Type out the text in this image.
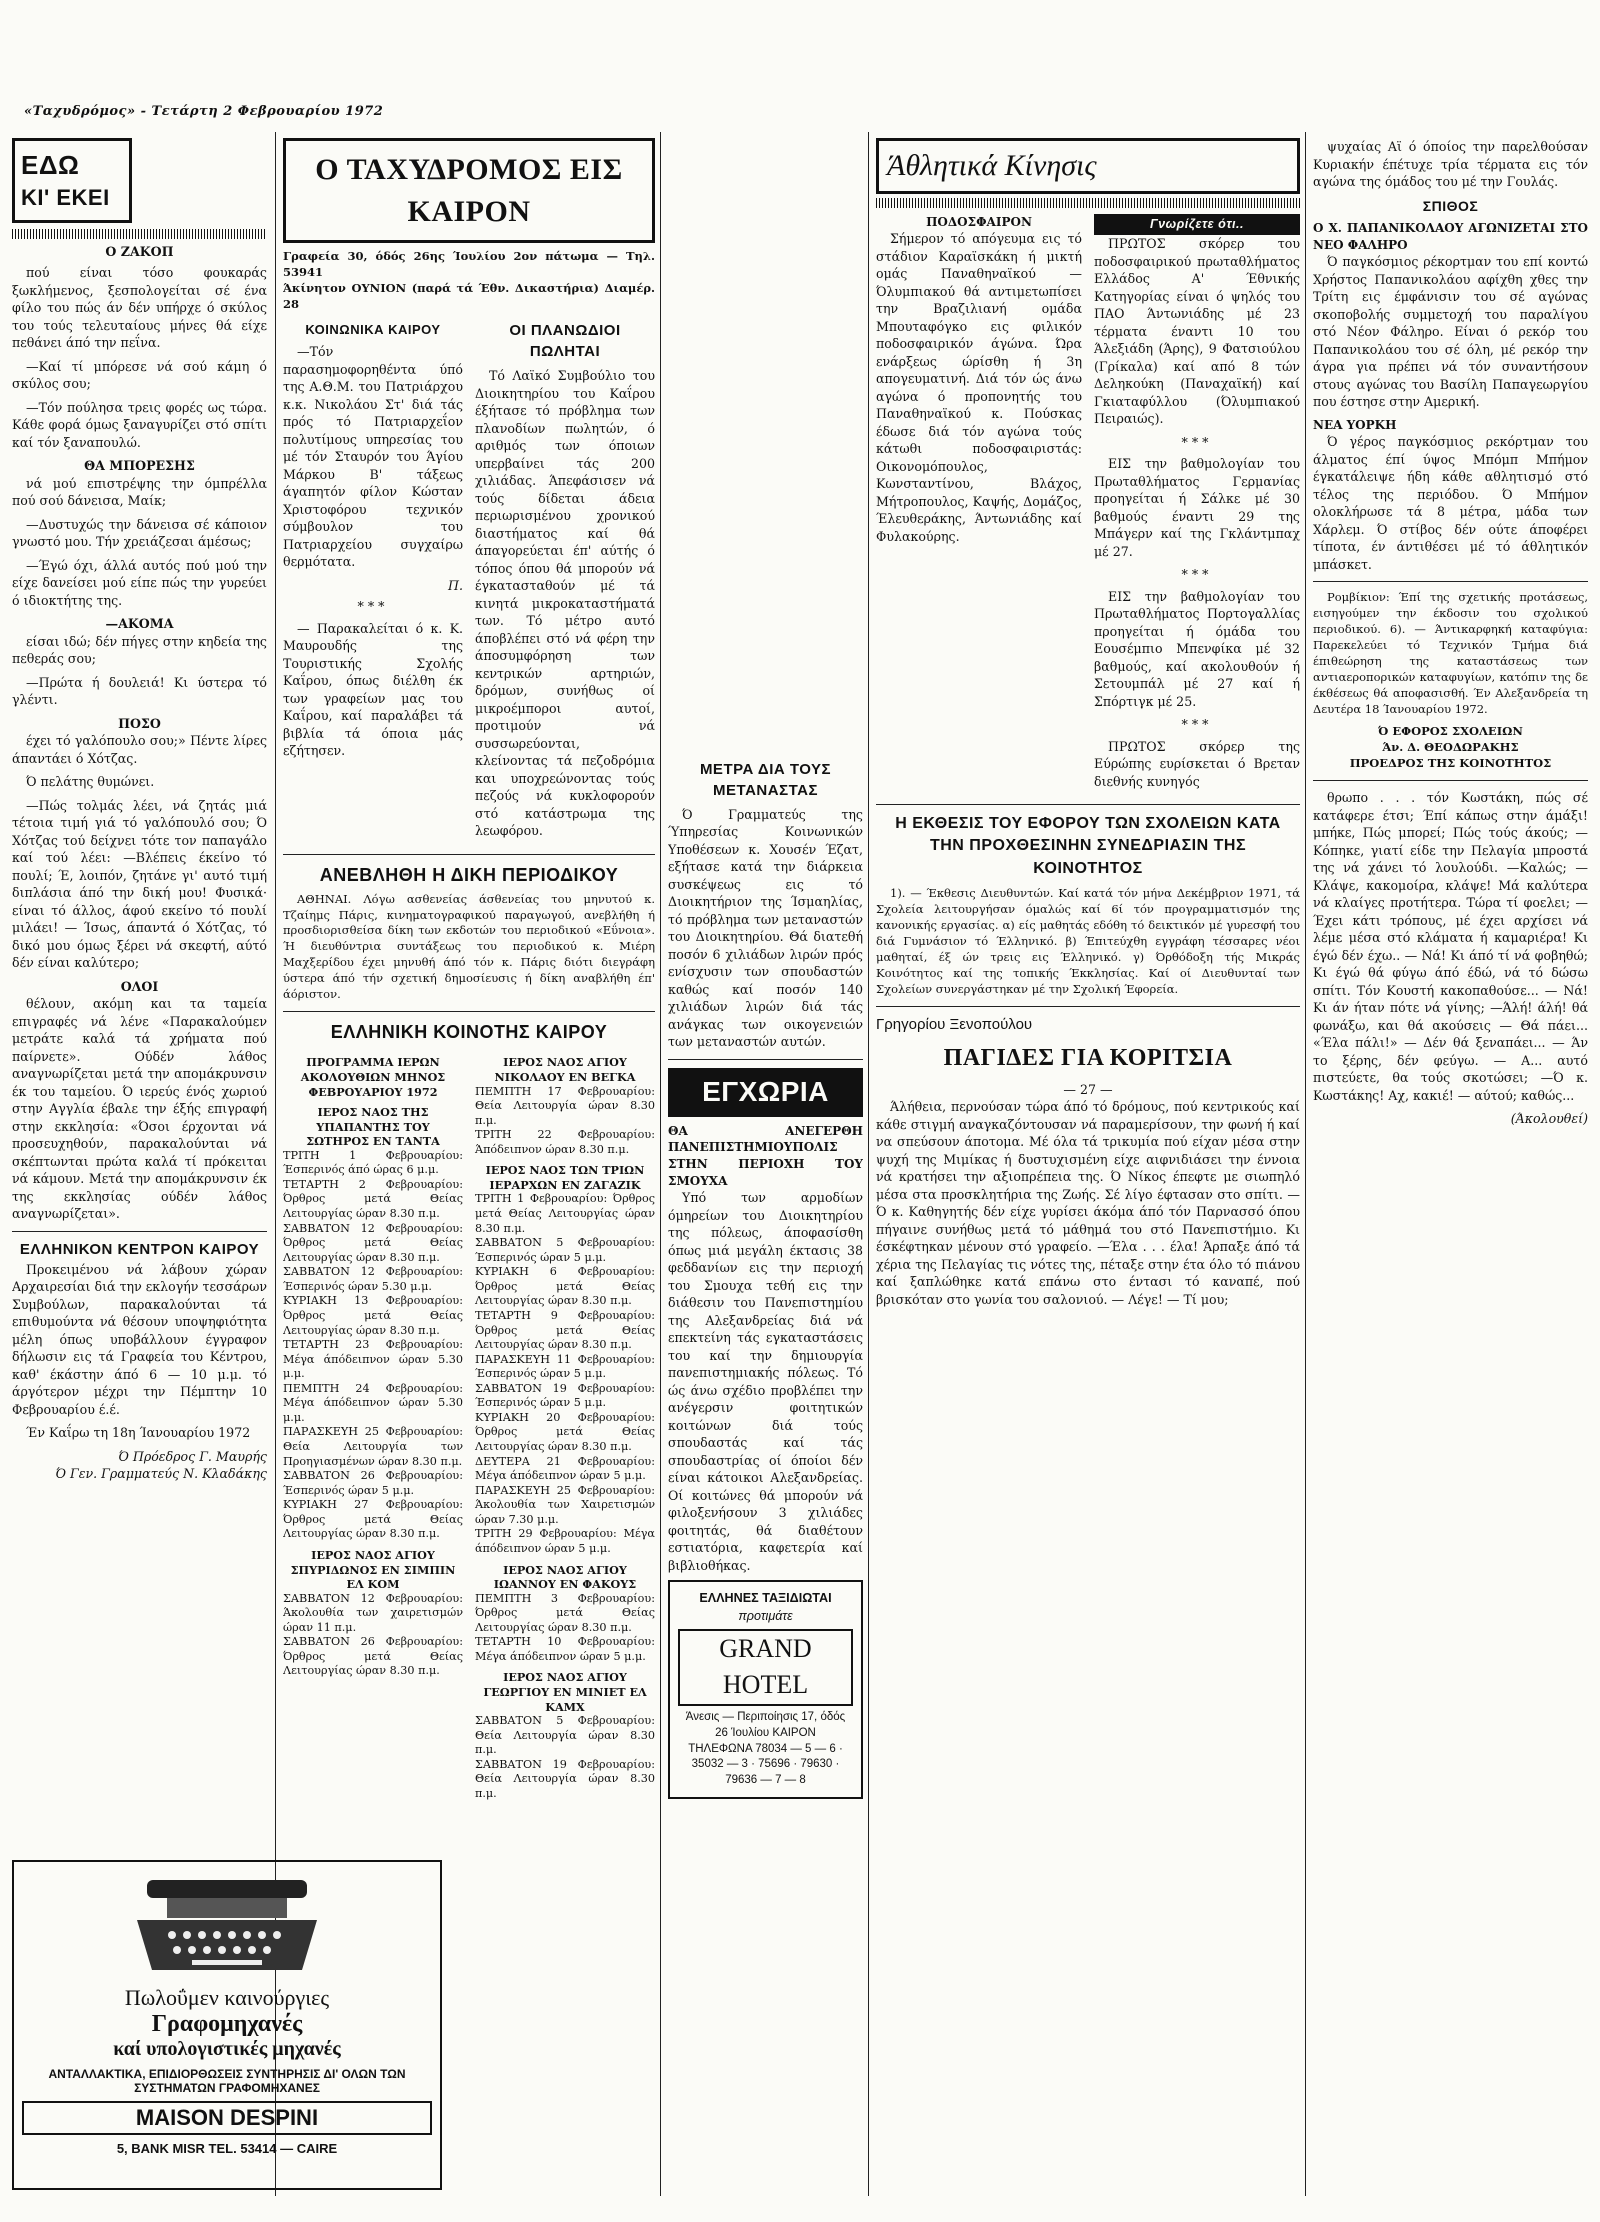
«Ταχυδρόμος» - Τετάρτη 2 Φεβρουαρίου 1972
ΕΔΩ
ΚΙ' ΕΚΕΙ
Ο ΖΑΚΟΠ

πού είναι τόσο φουκαράς ξωκλήμενος, ξεσπολογείται σέ ένα φίλο του πώς άν δέν υπήρχε ό σκύλος του τούς τελευταίους μήνες θά είχε πεθάνει άπό την πεΐνα.

—Καί τί μπόρεσε νά σού κάμη ό σκύλος σου;

—Τόν πούλησα τρεις φορές ως τώρα. Κάθε φορά όμως ξαναγυρίζει στό σπίτι καί τόν ξαναπουλώ.

ΘΑ ΜΠΟΡΕΣΗΣ

νά μού επιστρέψης την όμπρέλλα πού σού δάνεισα, Μαίκ;

—Δυστυχώς την δάνεισα σέ κάποιον γνωστό μου. Τήν χρειάζεσαι άμέσως;

—Έγώ όχι, άλλά αυτός πού μού την είχε δανείσει μού είπε πώς την γυρεύει ό ιδιοκτήτης της.

—ΑΚΟΜΑ

είσαι ιδώ; δέν πήγες στην κηδεία της πεθεράς σου;

—Πρώτα ή δουλειά! Κι ύστερα τό γλέντι.

ΠΟΣΟ

έχει τό γαλόπουλο σου;» Πέντε λίρες άπαντάει ό Χότζας.

Ό πελάτης θυμώνει.

—Πώς τολμάς λέει, νά ζητάς μιά τέτοια τιμή γιά τό γαλόπουλό σου; Ό Χότζας τού δείχνει τότε τον παπαγάλο καί τού λέει: —Βλέπεις έκείνο τό πουλί; Έ, λοιπόν, ζητάνε γι' αυτό τιμή διπλάσια άπό την δική μου! Φυσικά· είναι τό άλλος, άφού εκείνο τό πουλί μιλάει! — Ίσως, άπαντά ό Χότζας, τό δικό μου όμως ξέρει νά σκεφτή, αύτό δέν είναι καλύτερο;

ΟΛΟΙ

θέλουν, ακόμη και τα ταμεία επιγραφές νά λένε «Παρακαλούμεν μετράτε καλά τά χρήματα πού παίρνετε». Ούδέν λάθος αναγνωρίζεται μετά την απομάκρυνσιν έκ του ταμείου. Ό ιερεύς ένός χωριού στην Αγγλία έβαλε την έξής επιγραφή στην εκκλησία: «Όσοι έρχονται νά προσευχηθούν, παρακαλούνται νά σκέπτωνται πρώτα καλά τί πρόκειται νά κάμουν. Μετά την απομάκρυνσιν έκ της εκκλησίας ούδέν λάθος αναγνωρίζεται».

ΕΛΛΗΝΙΚΟΝ ΚΕΝΤΡΟΝ ΚΑΙΡΟΥ

Προκειμένου νά λάβουν χώραν Αρχαιρεσίαι διά την εκλογήν τεσσάρων Συμβούλων, παρακαλούνται τά επιθυμούντα νά θέσουν υποψηφιότητα μέλη όπως υποβάλλουν έγγραφον δήλωσιν εις τά Γραφεία του Κέντρου, καθ' έκάστην άπό 6 — 10 μ.μ. τό άργότερον μέχρι την Πέμπτην 10 Φεβρουαρίου έ.έ.

Έν Καΐρω τη 18η Ίανουαρίου 1972

Ό Πρόεδρος Γ. Μαυρής
Ό Γεν. Γραμματεύς Ν. Κλαδάκης
Ο ΤΑΧΥΔΡΟΜΟΣ ΕΙΣ ΚΑΙΡΟΝ
Γραφεία 30, όδός 26ης Ίουλίου 2ον πάτωμα — Τηλ. 53941
Άκίνητον ΟΥΝΙΟΝ (παρά τά Έθν. Δικαστήρια) Διαμέρ. 28
ΚΟΙΝΩΝΙΚΑ ΚΑΙΡΟΥ

—Τόν παρασημοφορηθέντα ύπό της Α.Θ.Μ. του Πατριάρχου κ.κ. Νικολάου Στ' διά τάς πρός τό Πατριαρχεΐον πολυτίμους υπηρεσίας του μέ τόν Σταυρόν του Άγίου Μάρκου Β' τάξεως άγαπητόν φίλον Κώσταν Χριστοφόρου τεχνικόν σύμβουλον του Πατριαρχείου συγχαίρω θερμότατα.

Π.
***

— Παρακαλείται ό κ. Κ. Μαυρουδής της Τουριστικής Σχολής Καΐρου, όπως διέλθη έκ των γραφείων μας του Καΐρου, καί παραλάβει τά βιβλία τά όποια μάς εζήτησεν.

ΟΙ ΠΛΑΝΩΔΙΟΙ ΠΩΛΗΤΑΙ

Τό Λαϊκό Συμβούλιο του Διοικητηρίου του Καΐρου έξήτασε τό πρόβλημα των πλανοδίων πωλητών, ό αριθμός των όποιων υπερβαίνει τάς 200 χιλιάδας. Άπεφάσισεν νά τούς δίδεται άδεια περιωρισμένου χρονικού διαστήματος καί θά άπαγορεύεται έπ' αύτής ό τόπος όπου θά μπορούν νά έγκατασταθούν μέ τά κινητά μικροκαταστήματά των. Τό μέτρο αυτό άποβλέπει στό νά φέρη την άποσυμφόρηση των κεντρικών αρτηριών, δρόμων, συνήθως οί μικροέμποροι αυτοί, προτιμούν νά συσσωρεύονται, κλείνοντας τά πεζοδρόμια και υποχρεώνοντας τούς πεζούς νά κυκλοφορούν στό κατάστρωμα της λεωφόρου.

ΑΝΕΒΛΗΘΗ Η ΔΙΚΗ ΠΕΡΙΟΔΙΚΟΥ

ΑΘΗΝΑΙ. Λόγω ασθενείας άσθενείας του μηνυτού κ. Τζαίημς Πάρις, κινηματογραφικού παραγωγού, ανεβλήθη ή προσδιορισθείσα δίκη των εκδοτών του περιοδικού «Εΰνοια». Ή διευθύντρια συντάξεως του περιοδικού κ. Μιέρη Μαχξερίδου έχει μηνυθή άπό τόν κ. Πάρις διότι διεγράφη ύστερα άπό τήν σχετική δημοσίευσις ή δίκη αναβλήθη έπ' άόριστον.

ΕΛΛΗΝΙΚΗ ΚΟΙΝΟΤΗΣ ΚΑΙΡΟΥ
ΠΡΟΓΡΑΜΜΑ ΙΕΡΩΝ ΑΚΟΛΟΥΘΙΩΝ ΜΗΝΟΣ ΦΕΒΡΟΥΑΡΙΟΥ 1972
ΙΕΡΟΣ ΝΑΟΣ ΤΗΣ ΥΠΑΠΑΝΤΗΣ ΤΟΥ ΣΩΤΗΡΟΣ ΕΝ ΤΑΝΤΑ
ΤΡΙΤΗ 1 Φεβρουαρίου: Έσπερινός άπό ώρας 6 μ.μ.
ΤΕΤΑΡΤΗ 2 Φεβρουαρίου: Όρθρος μετά Θείας Λειτουργίας ώραν 8.30 π.μ.
ΣΑΒΒΑΤΟΝ 12 Φεβρουαρίου: Όρθρος μετά Θείας Λειτουργίας ώραν 8.30 π.μ.
ΣΑΒΒΑΤΟΝ 12 Φεβρουαρίου: Έσπερινός ώραν 5.30 μ.μ.
ΚΥΡΙΑΚΗ 13 Φεβρουαρίου: Όρθρος μετά Θείας Λειτουργίας ώραν 8.30 π.μ.
ΤΕΤΑΡΤΗ 23 Φεβρουαρίου: Μέγα άπόδειπνον ώραν 5.30 μ.μ.
ΠΕΜΠΤΗ 24 Φεβρουαρίου: Μέγα άπόδειπνον ώραν 5.30 μ.μ.
ΠΑΡΑΣΚΕΥΗ 25 Φεβρουαρίου: Θεία Λειτουργία των Προηγιασμένων ώραν 8.30 π.μ.
ΣΑΒΒΑΤΟΝ 26 Φεβρουαρίου: Έσπερινός ώραν 5 μ.μ.
ΚΥΡΙΑΚΗ 27 Φεβρουαρίου: Όρθρος μετά Θείας Λειτουργίας ώραν 8.30 π.μ.
ΙΕΡΟΣ ΝΑΟΣ ΑΓΙΟΥ ΣΠΥΡΙΔΩΝΟΣ ΕΝ ΣΙΜΠΙΝ ΕΛ ΚΟΜ
ΣΑΒΒΑΤΟΝ 12 Φεβρουαρίου: Άκολουθία των χαιρετισμών ώραν 11 π.μ.
ΣΑΒΒΑΤΟΝ 26 Φεβρουαρίου: Όρθρος μετά Θείας Λειτουργίας ώραν 8.30 π.μ.
ΙΕΡΟΣ ΝΑΟΣ ΑΓΙΟΥ ΝΙΚΟΛΑΟΥ ΕΝ ΒΕΓΚΑ
ΠΕΜΠΤΗ 17 Φεβρουαρίου: Θεία Λειτουργία ώραν 8.30 π.μ.
ΤΡΙΤΗ 22 Φεβρουαρίου: Άπόδειπνον ώραν 8.30 π.μ.
ΙΕΡΟΣ ΝΑΟΣ ΤΩΝ ΤΡΙΩΝ ΙΕΡΑΡΧΩΝ ΕΝ ΖΑΓΑΖΙΚ
ΤΡΙΤΗ 1 Φεβρουαρίου: Όρθρος μετά Θείας Λειτουργίας ώραν 8.30 π.μ.
ΣΑΒΒΑΤΟΝ 5 Φεβρουαρίου: Έσπερινός ώραν 5 μ.μ.
ΚΥΡΙΑΚΗ 6 Φεβρουαρίου: Όρθρος μετά Θείας Λειτουργίας ώραν 8.30 π.μ.
ΤΕΤΑΡΤΗ 9 Φεβρουαρίου: Όρθρος μετά Θείας Λειτουργίας ώραν 8.30 π.μ.
ΠΑΡΑΣΚΕΥΗ 11 Φεβρουαρίου: Έσπερινός ώραν 5 μ.μ.
ΣΑΒΒΑΤΟΝ 19 Φεβρουαρίου: Έσπερινός ώραν 5 μ.μ.
ΚΥΡΙΑΚΗ 20 Φεβρουαρίου: Όρθρος μετά Θείας Λειτουργίας ώραν 8.30 π.μ.
ΔΕΥΤΕΡΑ 21 Φεβρουαρίου: Μέγα άπόδειπνον ώραν 5 μ.μ.
ΠΑΡΑΣΚΕΥΗ 25 Φεβρουαρίου: Άκολουθία των Χαιρετισμών ώραν 7.30 μ.μ.
ΤΡΙΤΗ 29 Φεβρουαρίου: Μέγα άπόδειπνον ώραν 5 μ.μ.
ΙΕΡΟΣ ΝΑΟΣ ΑΓΙΟΥ ΙΩΑΝΝΟΥ ΕΝ ΦΑΚΟΥΣ
ΠΕΜΠΤΗ 3 Φεβρουαρίου: Όρθρος μετά Θείας Λειτουργίας ώραν 8.30 π.μ.
ΤΕΤΑΡΤΗ 10 Φεβρουαρίου: Μέγα άπόδειπνον ώραν 5 μ.μ.
ΙΕΡΟΣ ΝΑΟΣ ΑΓΙΟΥ ΓΕΩΡΓΙΟΥ ΕΝ ΜΙΝΙΕΤ ΕΛ ΚΑΜΧ
ΣΑΒΒΑΤΟΝ 5 Φεβρουαρίου: Θεία Λειτουργία ώραν 8.30 π.μ.
ΣΑΒΒΑΤΟΝ 19 Φεβρουαρίου: Θεία Λειτουργία ώραν 8.30 π.μ.
Πωλοΰμεν καινούργιες
Γραφομηχανές
καί υπολογιστικές μηχανές
ΑΝΤΑΛΛΑΚΤΙΚΑ, ΕΠΙΔΙΟΡΘΩΣΕΙΣ ΣΥΝΤΗΡΗΣΙΣ ΔΙ' ΟΛΩΝ ΤΩΝ ΣΥΣΤΗΜΑΤΩΝ ΓΡΑΦΟΜΗΧΑΝΕΣ
MAISON DESPINI
5, BANK MISR TEL. 53414 — CAIRE
ΜΕΤΡΑ ΔΙΑ ΤΟΥΣ ΜΕΤΑΝΑΣΤΑΣ

Ό Γραμματεύς της Ύπηρεσίας Κοινωνικών Υποθέσεων κ. Χουσέν Έζατ, εξήτασε κατά την διάρκεια συσκέψεως εις τό Διοικητήριον της Ίσμαηλίας, τό πρόβλημα των μεταναστών του Διοικητηρίου. Θά διατεθή ποσόν 6 χιλιάδων λιρών πρός ενίσχυσιν των σπουδαστών καθώς καί ποσόν 140 χιλιάδων λιρών διά τάς ανάγκας των οικογενειών των μεταναστών αυτών.

ΕΓΧΩΡΙΑ
ΘΑ ΑΝΕΓΕΡΘΗ ΠΑΝΕΠΙΣΤΗΜΙΟΥΠΟΛΙΣ ΣΤΗΝ ΠΕΡΙΟΧΗ ΤΟΥ ΣΜΟΥΧΑ

Υπό των αρμοδίων όμηρείων του Διοικητηρίου της πόλεως, άποφασίσθη όπως μιά μεγάλη έκτασις 38 φεδδανίων εις την περιοχή του Σμουχα τεθή εις την διάθεσιν του Πανεπιστημίου της Αλεξανδρείας διά νά επεκτείνη τάς εγκαταστάσεις του καί την δημιουργία πανεπιστημιακής πόλεως. Τό ώς άνω σχέδιο προβλέπει την ανέγερσιν φοιτητικών κοιτώνων διά τούς σπουδαστάς καί τάς σπουδαστρίας οί όποίοι δέν είναι κάτοικοι Αλεξανδρείας. Οί κοιτώνες θά μπορούν νά φιλοξενήσουν 3 χιλιάδες φοιτητάς, θά διαθέτουν εστιατόρια, καφετερία καί βιβλιοθήκας.

ΕΛΛΗΝΕΣ ΤΑΞΙΔΙΩΤΑΙ
προτιμάτε
GRAND HOTEL
Άνεσις — Περιποίησις 17, όδός 26 Ίουλίου ΚΑΙΡΟΝ
ΤΗΛΕΦΩΝΑ 78034 — 5 — 6 · 35032 — 3 · 75696 · 79630 · 79636 — 7 — 8
Άθλητικά Κίνησις
ΠΟΔΟΣΦΑΙΡΟΝ

Σήμερον τό απόγευμα εις τό στάδιον Καραϊσκάκη ή μικτή ομάς Παναθηναϊκού — Όλυμπιακού θά αντιμετωπίσει την Βραζιλιανή ομάδα Μπουταφόγκο εις φιλικόν ποδοσφαιρικόν άγώνα. Ώρα ενάρξεως ώρίσθη ή 3η απογευματινή. Διά τόν ώς άνω αγώνα ό προπονητής του Παναθηναϊκού κ. Πούσκας έδωσε διά τόν αγώνα τούς κάτωθι ποδοσφαιριστάς: Οικονομόπουλος, Κωνσταντίνου, Βλάχος, Μήτροπουλος, Καψής, Δομάζος, Έλευθεράκης, Άντωνιάδης καί Φυλακούρης.

Γνωρίζετε ότι..

ΠΡΩΤΟΣ σκόρερ του ποδοσφαιρικού πρωταθλήματος Ελλάδος Α' Έθνικής Κατηγορίας είναι ό ψηλός του ΠΑΟ Άντωνιάδης μέ 23 τέρματα έναντι 10 του Άλεξιάδη (Άρης), 9 Φατσιούλου (Γρίκαλα) καί από 8 τών Δεληκούκη (Παναχαϊκή) καί Γκιαταφύλλου (Όλυμπιακού Πειραιώς).

***

ΕΙΣ την βαθμολογίαν του Πρωταθλήματος Γερμανίας προηγείται ή Σάλκε μέ 30 βαθμούς έναντι 29 της Μπάγερν καί της Γκλάντμπαχ μέ 27.

***

ΕΙΣ την βαθμολογίαν του Πρωταθλήματος Πορτογαλλίας προηγείται ή όμάδα του Εουσέμπιο Μπενφίκα μέ 32 βαθμούς, καί ακολουθούν ή Σετουμπάλ μέ 27 καί ή Σπόρτιγκ μέ 25.

***

ΠΡΩΤΟΣ σκόρερ της Εύρώπης ευρίσκεται ό Βρεταν διεθνής κυνηγός

Η ΕΚΘΕΣΙΣ ΤΟΥ ΕΦΟΡΟΥ ΤΩΝ ΣΧΟΛΕΙΩΝ ΚΑΤΑ ΤΗΝ ΠΡΟΧΘΕΣΙΝΗΝ ΣΥΝΕΔΡΙΑΣΙΝ ΤΗΣ ΚΟΙΝΟΤΗΤΟΣ

1). — Έκθεσις Διευθυντών. Καί κατά τόν μήνα Δεκέμβριον 1971, τά Σχολεία λειτουργήσαν όμαλώς καί 6ί τόν προγραμματισμόν της κανονικής εργασίας. α) είς μαθητάς εδόθη τό δεικτικόν μέ γυρεσφή του διά Γυμνάσιον τό Έλληνικό. β) Έπιτεύχθη εγγράφη τέσσαρες νέοι μαθηταί, έξ ών τρεις εις Έλληνικό. γ) Όρθόδοξη τής Μικράς Κοινότητος καί της τοπικής Έκκλησίας. Καί οί Διευθυνταί των Σχολείων συνεργάστηκαν μέ την Σχολική Έφορεία.

Γρηγορίου Ξενοπούλου
ΠΑΓΙΔΕΣ ΓΙΑ ΚΟΡΙΤΣΙΑ
— 27 —

Άλήθεια, περνούσαν τώρα άπό τό δρόμους, πού κεντρικούς καί κάθε στιγμή αναγκαζόντουσαν νά παραμερίσουν, την φωνή ή καί να σπεύσουν άποτομα. Μέ όλα τά τρικυμία πού είχαν μέσα στην ψυχή της Μιμίκας ή δυστυχισμένη είχε αιφνιδιάσει την έννοια νά κρατήσει την αξιοπρέπεια της. Ό Νίκος έπεφτε με σιωπηλό μέσα στα προσκλητήρια της Ζωής. Σέ λίγο έφτασαν στο σπίτι. — Ό κ. Καθηγητής δέν είχε γυρίσει άκόμα άπό τόν Παρνασσό όπου πήγαινε συνήθως μετά τό μάθημά του στό Πανεπιστήμιο. Κι έσκέφτηκαν μένουν στό γραφείο. —Έλα . . . έλα! Άρπαξε άπό τά χέρια της Πελαγίας τις νότες της, πέταξε στην έτα όλο τό πιάνου καί ξαπλώθηκε κατά επάνω στο έντασι τό καναπέ, πού βρισκόταν στο γωνία του σαλονιού. — Λέγε! — Τί μου;

ψυχαίας Αϊ ό όποίος την παρελθούσαν Κυριακήν έπέτυχε τρία τέρματα εις τόν αγώνα της όμάδος του μέ την Γουλάς.

ΣΠΙΘΟΣ
Ο Χ. ΠΑΠΑΝΙΚΟΛΑΟΥ ΑΓΩΝΙΖΕΤΑΙ ΣΤΟ ΝΕΟ ΦΑΛΗΡΟ

Ό παγκόσμιος ρέκορτμαν του επί κοντώ Χρήστος Παπανικολάου αφίχθη χθες την Τρίτη εις έμφάνισιν του σέ αγώνας σκοποβολής συμμετοχή του παραλίγου στό Νέον Φάληρο. Είναι ό ρεκόρ του Παπανικολάου του σέ όλη, μέ ρεκόρ την άγρα για πρέπει νά τόν συναντήσουν στους αγώνας του Βασίλη Παπαγεωργίου που έστησε στην Αμερική.

ΝΕΑ ΥΟΡΚΗ

Ό γέρος παγκόσμιος ρεκόρτμαν του άλματος έπί ύψος Μπόμπ Μπήμον έγκατάλειψε ήδη κάθε αθλητισμό στό τέλος της περιόδου. Ό Μπήμον ολοκλήρωσε τά 8 μέτρα, μάδα των Χάρλεμ. Ό στίβος δέν ούτε άποφέρει τίποτα, έν άντιθέσει μέ τό άθλητικόν μπάσκετ.

Ρομβίκιον: Έπί της σχετικής προτάσεως, εισηγούμεν την έκδοσιν του σχολικού περιοδικού. 6). — Άντικαρφηκή καταφύγια: Παρεκελεύει τό Τεχνικόν Τμήμα διά έπιθεώρηση της καταστάσεως των αντιαεροπορικών καταφυγίων, κατόπιν της δε έκθέσεως θά αποφασισθή. Έν Αλεξανδρεία τη Δευτέρα 18 Ίανουαρίου 1972.

Ό ΕΦΟΡΟΣ ΣΧΟΛΕΙΩΝ
Άν. Δ. ΘΕΟΔΩΡΑΚΗΣ
ΠΡΟΕΔΡΟΣ ΤΗΣ ΚΟΙΝΟΤΗΤΟΣ

θρωπο . . . τόν Κωστάκη, πώς σέ κατάφερε έτσι; Έπί κάπως στην άμάξι! μπήκε, Πώς μπορεί; Πώς τούς άκούς; —Κόπηκε, γιατί είδε την Πελαγία μπροστά της νά χάνει τό λουλούδι. —Καλώς; — Κλάψε, κακομοίρα, κλάψε! Μά καλύτερα νά κλαίγες προτήτερα. Τώρα τί φοελει; —Έχει κάτι τρόπους, μέ έχει αρχίσει νά λέμε μέσα στό κλάματα ή καμαριέρα! Κι έγώ δέν έχω.. — Νά! Κι άπό τί νά φοβηθώ; Κι έγώ θά φύγω άπό έδώ, νά τό δώσω σπίτι. Τόν Κουστή κακοπαθούσε... — Νά! Κι άν ήταν πότε νά γίνης; —Άλή! άλή! θά φωνάξω, και θά ακούσεις — Θά πάει... «Έλα πάλι!» — Δέν θά ξεναπάει... — Άν το ξέρης, δέν φεύγω. — Α... αυτό πιστεύετε, θα τούς σκοτώσει; —Ό κ. Κωστάκης! Αχ, κακιέ! — αύτού; καθώς...

(Άκολουθεί)
